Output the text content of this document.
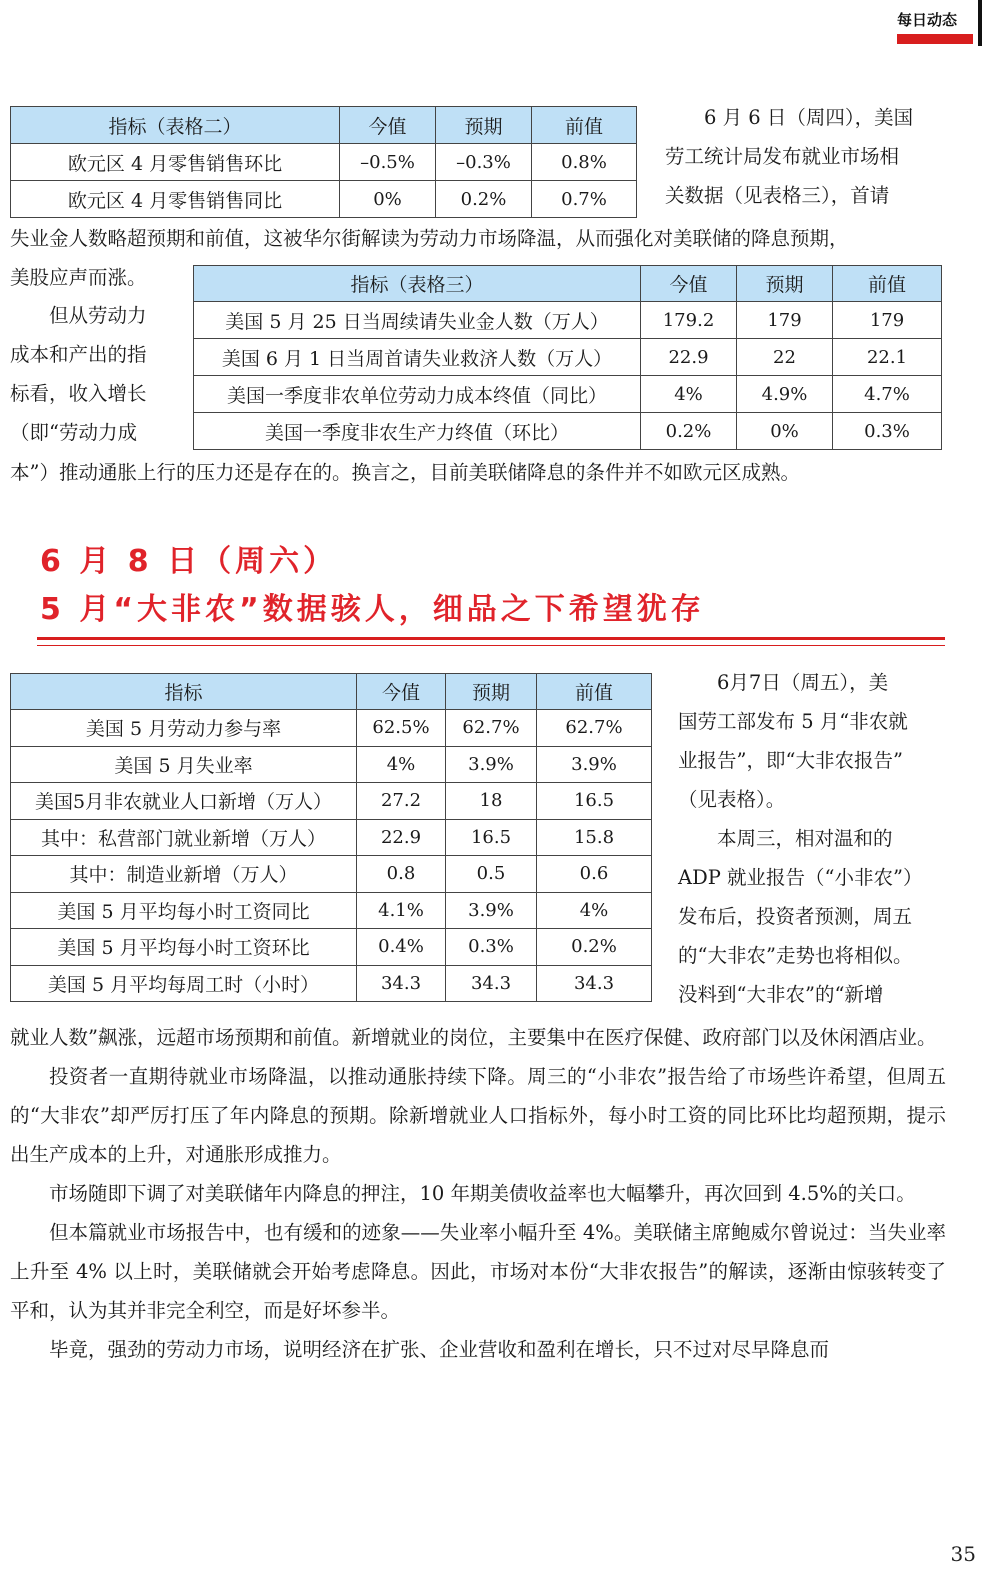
每日动态
指标（表格二）	今值	预期	前值
欧元区 4 月零售销售环比	–0.5%	–0.3%	0.8%
欧元区 4 月零售销售同比	0%	0.2%	0.7%
6 月 6 日（周四），美国
劳工统计局发布就业市场相
关数据（见表格三），首请
失业金人数略超预期和前值，这被华尔街解读为劳动力市场降温，从而强化对美联储的降息预期，
美股应声而涨。	指标（表格三）	今值	预期	前值
美国 5 月 25 日当周续请失业金人数（万人）	179.2	179	179
美国 6 月 1 日当周首请失业救济人数（万人）	22.9	22	22.1
美国一季度非农单位劳动力成本终值（同比）	4%	4.9%	4.7%
美国一季度非农生产力终值（环比）	0.2%	0%	0.3%
但从劳动力
成本和产出的指
标看，收入增长
（即“劳动力成
本”）推动通胀上行的压力还是存在的。换言之，目前美联储降息的条件并不如欧元区成熟。
6 月 8 日（周六）
5 月“大非农”数据骇人，细品之下希望犹存
指标	今值	预期	前值
美国 5 月劳动力参与率	62.5%	62.7%	62.7%
美国 5 月失业率	4%	3.9%	3.9%
美国5月非农就业人口新增（万人）	27.2	18	16.5
其中：私营部门就业新增（万人）	22.9	16.5	15.8
其中：制造业新增（万人）	0.8	0.5	0.6
美国 5 月平均每小时工资同比	4.1%	3.9%	4%
美国 5 月平均每小时工资环比	0.4%	0.3%	0.2%
美国 5 月平均每周工时（小时）	34.3	34.3	34.3
6月7日（周五），美
国劳工部发布 5 月“非农就
业报告”，即“大非农报告”
（见表格）。
本周三，相对温和的
ADP 就业报告（“小非农”）
发布后，投资者预测，周五
的“大非农”走势也将相似。
没料到“大非农”的“新增

就业人数”飙涨，远超市场预期和前值。新增就业的岗位，主要集中在医疗保健、政府部门以及休闲酒店业。

投资者一直期待就业市场降温，以推动通胀持续下降。周三的“小非农”报告给了市场些许希望，但周五的“大非农”却严厉打压了年内降息的预期。除新增就业人口指标外，每小时工资的同比环比均超预期，提示出生产成本的上升，对通胀形成推力。

市场随即下调了对美联储年内降息的押注，10 年期美债收益率也大幅攀升，再次回到 4.5%的关口。

但本篇就业市场报告中，也有缓和的迹象——失业率小幅升至 4%。美联储主席鲍威尔曾说过：当失业率上升至 4% 以上时，美联储就会开始考虑降息。因此，市场对本份“大非农报告”的解读，逐渐由惊骇转变了平和，认为其并非完全利空，而是好坏参半。

毕竟，强劲的劳动力市场，说明经济在扩张、企业营收和盈利在增长，只不过对尽早降息而

35
